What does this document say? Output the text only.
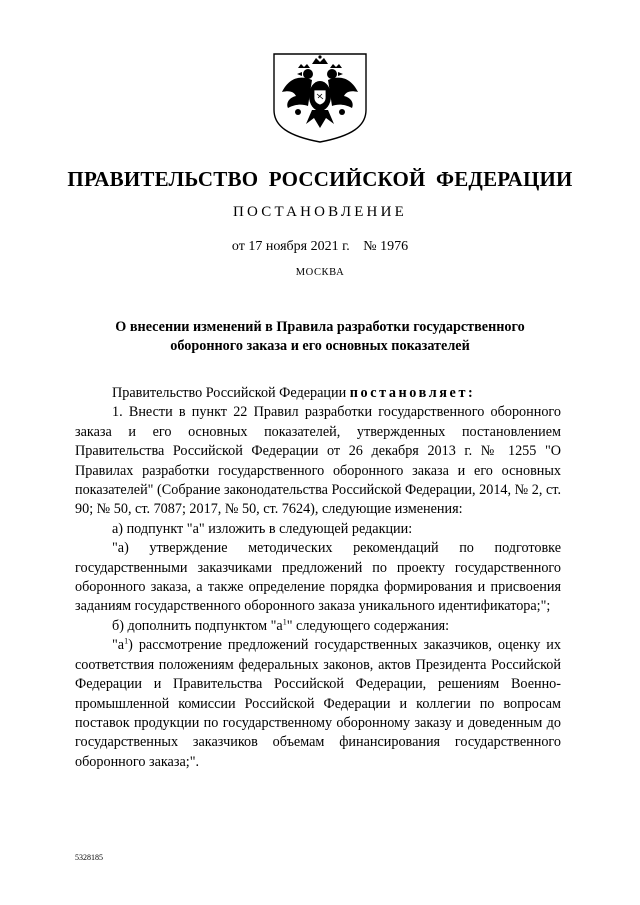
ПРАВИТЕЛЬСТВО РОССИЙСКОЙ ФЕДЕРАЦИИ
ПОСТАНОВЛЕНИЕ
от 17 ноября 2021 г. № 1976
МОСКВА
О внесении изменений в Правила разработки государственного
оборонного заказа и его основных показателей

Правительство Российской Федерации постановляет:

1. Внести в пункт 22 Правил разработки государственного оборонного заказа и его основных показателей, утвержденных постановлением Правительства Российской Федерации от 26 декабря 2013 г. № 1255 "О Правилах разработки государственного оборонного заказа и его основных показателей" (Собрание законодательства Российской Федерации, 2014, № 2, ст. 90; № 50, ст. 7087; 2017, № 50, ст. 7624), следующие изменения:

а) подпункт "а" изложить в следующей редакции:

"а) утверждение методических рекомендаций по подготовке государственными заказчиками предложений по проекту государственного оборонного заказа, а также определение порядка формирования и присвоения заданиям государственного оборонного заказа уникального идентификатора;";

б) дополнить подпунктом "$а^1$" следующего содержания:

"$а^1$) рассмотрение предложений государственных заказчиков, оценку их соответствия положениям федеральных законов, актов Президента Российской Федерации и Правительства Российской Федерации, решениям Военно-промышленной комиссии Российской Федерации и коллегии по вопросам поставок продукции по государственному оборонному заказу и доведенным до государственных заказчиков объемам финансирования государственного оборонного заказа;".

5328185
